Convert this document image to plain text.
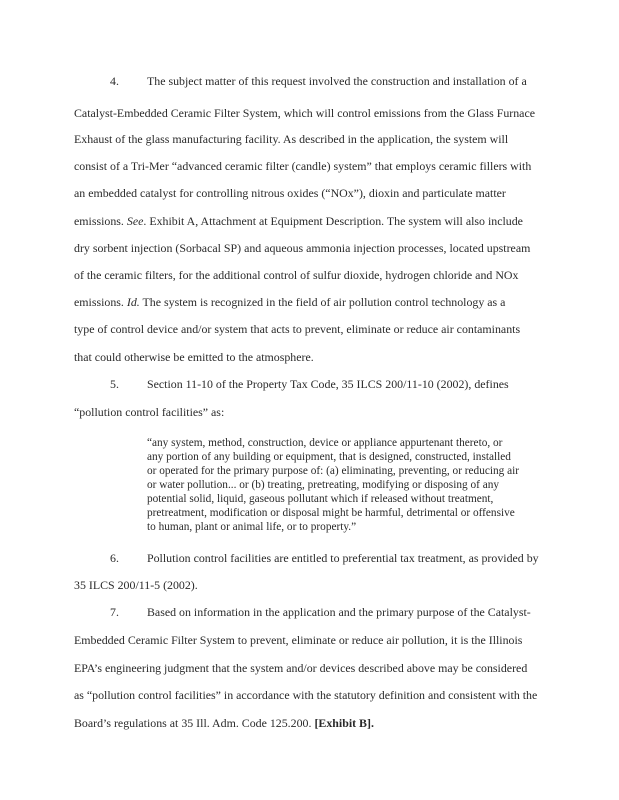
4. The subject matter of this request involved the construction and installation of a
Catalyst-Embedded Ceramic Filter System, which will control emissions from the Glass Furnace
Exhaust of the glass manufacturing facility. As described in the application, the system will
consist of a Tri-Mer “advanced ceramic filter (candle) system” that employs ceramic fillers with
an embedded catalyst for controlling nitrous oxides (“NOx”), dioxin and particulate matter
emissions. See. Exhibit A, Attachment at Equipment Description. The system will also include
dry sorbent injection (Sorbacal SP) and aqueous ammonia injection processes, located upstream
of the ceramic filters, for the additional control of sulfur dioxide, hydrogen chloride and NOx
emissions. Id. The system is recognized in the field of air pollution control technology as a
type of control device and/or system that acts to prevent, eliminate or reduce air contaminants
that could otherwise be emitted to the atmosphere.
5. Section 11-10 of the Property Tax Code, 35 ILCS 200/11-10 (2002), defines
“pollution control facilities” as:
“any system, method, construction, device or appliance appurtenant thereto, or
any portion of any building or equipment, that is designed, constructed, installed
or operated for the primary purpose of: (a) eliminating, preventing, or reducing air
or water pollution... or (b) treating, pretreating, modifying or disposing of any
potential solid, liquid, gaseous pollutant which if released without treatment,
pretreatment, modification or disposal might be harmful, detrimental or offensive
to human, plant or animal life, or to property.”
6. Pollution control facilities are entitled to preferential tax treatment, as provided by
35 ILCS 200/11-5 (2002).
7. Based on information in the application and the primary purpose of the Catalyst-
Embedded Ceramic Filter System to prevent, eliminate or reduce air pollution, it is the Illinois
EPA’s engineering judgment that the system and/or devices described above may be considered
as “pollution control facilities” in accordance with the statutory definition and consistent with the
Board’s regulations at 35 Ill. Adm. Code 125.200. [Exhibit B].
